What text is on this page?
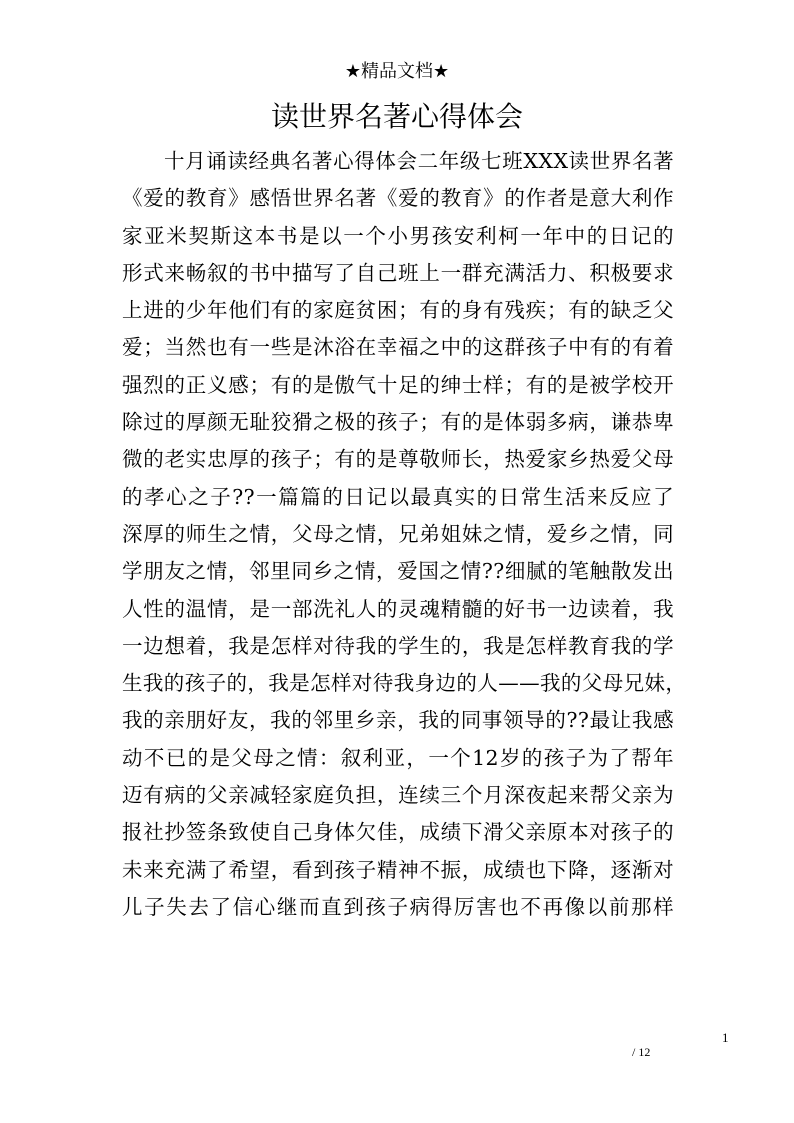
★精品文档★
读世界名著心得体会
十月诵读经典名著心得体会二年级七班XXX读世界名著
《爱的教育》感悟世界名著《爱的教育》的作者是意大利作
家亚米契斯这本书是以一个小男孩安利柯一年中的日记的
形式来畅叙的书中描写了自己班上一群充满活力、积极要求
上进的少年他们有的家庭贫困；有的身有残疾；有的缺乏父
爱；当然也有一些是沐浴在幸福之中的这群孩子中有的有着
强烈的正义感；有的是傲气十足的绅士样；有的是被学校开
除过的厚颜无耻狡猾之极的孩子；有的是体弱多病，谦恭卑
微的老实忠厚的孩子；有的是尊敬师长，热爱家乡热爱父母
的孝心之子??一篇篇的日记以最真实的日常生活来反应了
深厚的师生之情，父母之情，兄弟姐妹之情，爱乡之情，同
学朋友之情，邻里同乡之情，爱国之情??细腻的笔触散发出
人性的温情，是一部洗礼人的灵魂精髓的好书一边读着，我
一边想着，我是怎样对待我的学生的，我是怎样教育我的学
生我的孩子的，我是怎样对待我身边的人——我的父母兄妹，
我的亲朋好友，我的邻里乡亲，我的同事领导的??最让我感
动不已的是父母之情：叙利亚，一个12岁的孩子为了帮年
迈有病的父亲减轻家庭负担，连续三个月深夜起来帮父亲为
报社抄签条致使自己身体欠佳，成绩下滑父亲原本对孩子的
未来充满了希望，看到孩子精神不振，成绩也下降，逐渐对
儿子失去了信心继而直到孩子病得厉害也不再像以前那样
1
/ 12
